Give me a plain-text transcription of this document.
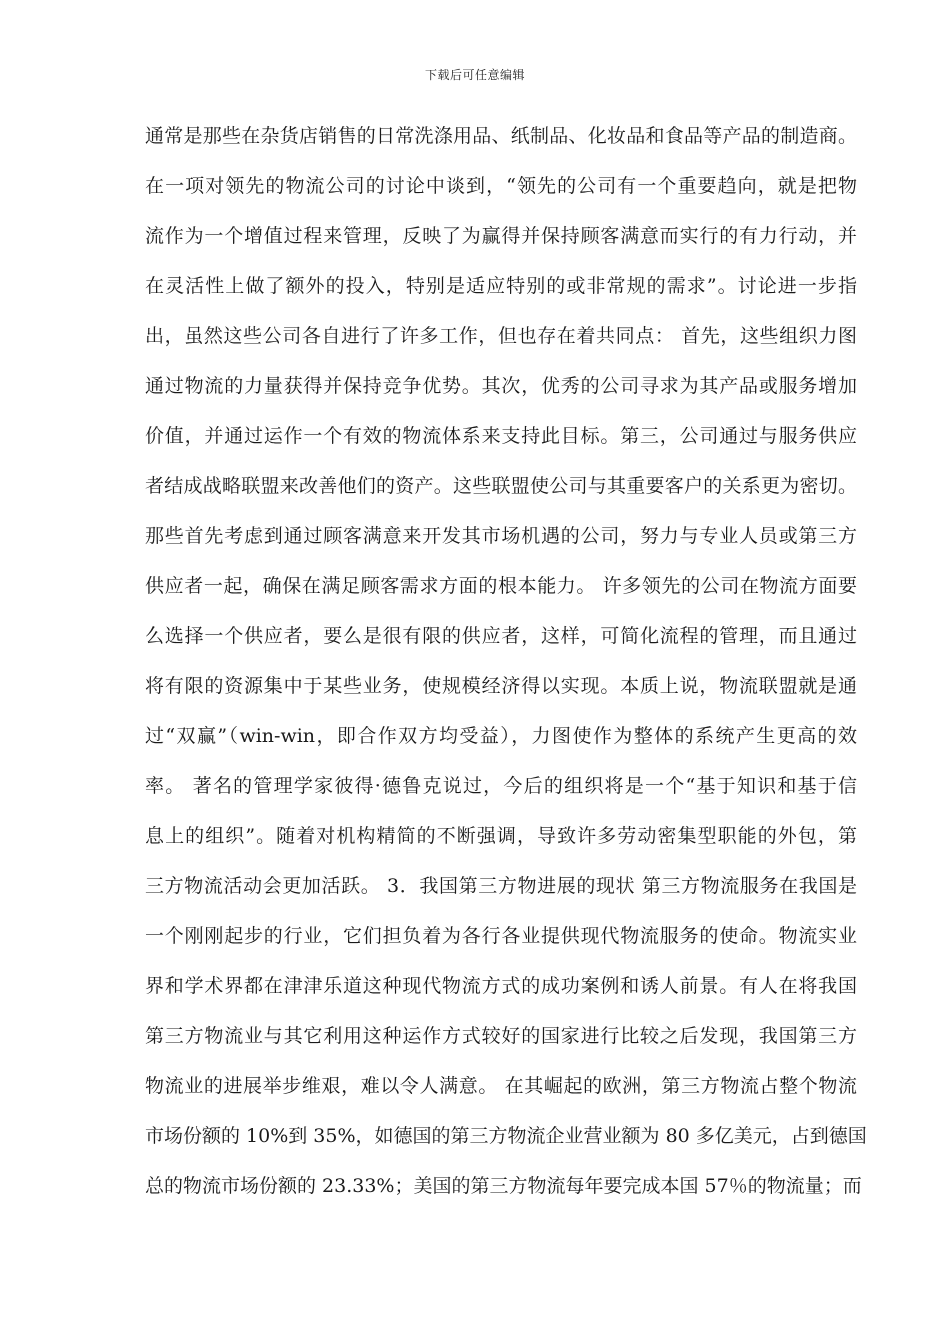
下载后可任意编辑
通常是那些在杂货店销售的日常洗涤用品、纸制品、化妆品和食品等产品的制造商。
在一项对领先的物流公司的讨论中谈到，“领先的公司有一个重要趋向，就是把物
流作为一个增值过程来管理，反映了为赢得并保持顾客满意而实行的有力行动，并
在灵活性上做了额外的投入，特别是适应特别的或非常规的需求”。讨论进一步指
出，虽然这些公司各自进行了许多工作，但也存在着共同点： 首先，这些组织力图
通过物流的力量获得并保持竞争优势。其次，优秀的公司寻求为其产品或服务增加
价值，并通过运作一个有效的物流体系来支持此目标。第三，公司通过与服务供应
者结成战略联盟来改善他们的资产。这些联盟使公司与其重要客户的关系更为密切。
那些首先考虑到通过顾客满意来开发其市场机遇的公司，努力与专业人员或第三方
供应者一起，确保在满足顾客需求方面的根本能力。 许多领先的公司在物流方面要
么选择一个供应者，要么是很有限的供应者，这样，可简化流程的管理，而且通过
将有限的资源集中于某些业务，使规模经济得以实现。本质上说，物流联盟就是通
过“双赢”（win-win，即合作双方均受益），力图使作为整体的系统产生更高的效
率。 著名的管理学家彼得·德鲁克说过，今后的组织将是一个“基于知识和基于信
息上的组织”。随着对机构精简的不断强调，导致许多劳动密集型职能的外包，第
三方物流活动会更加活跃。 3．我国第三方物进展的现状 第三方物流服务在我国是
一个刚刚起步的行业，它们担负着为各行各业提供现代物流服务的使命。物流实业
界和学术界都在津津乐道这种现代物流方式的成功案例和诱人前景。有人在将我国
第三方物流业与其它利用这种运作方式较好的国家进行比较之后发现，我国第三方
物流业的进展举步维艰，难以令人满意。 在其崛起的欧洲，第三方物流占整个物流
市场份额的 10%到 35%，如德国的第三方物流企业营业额为 80 多亿美元，占到德国
总的物流市场份额的 23.33%；美国的第三方物流每年要完成本国 57％的物流量；而
